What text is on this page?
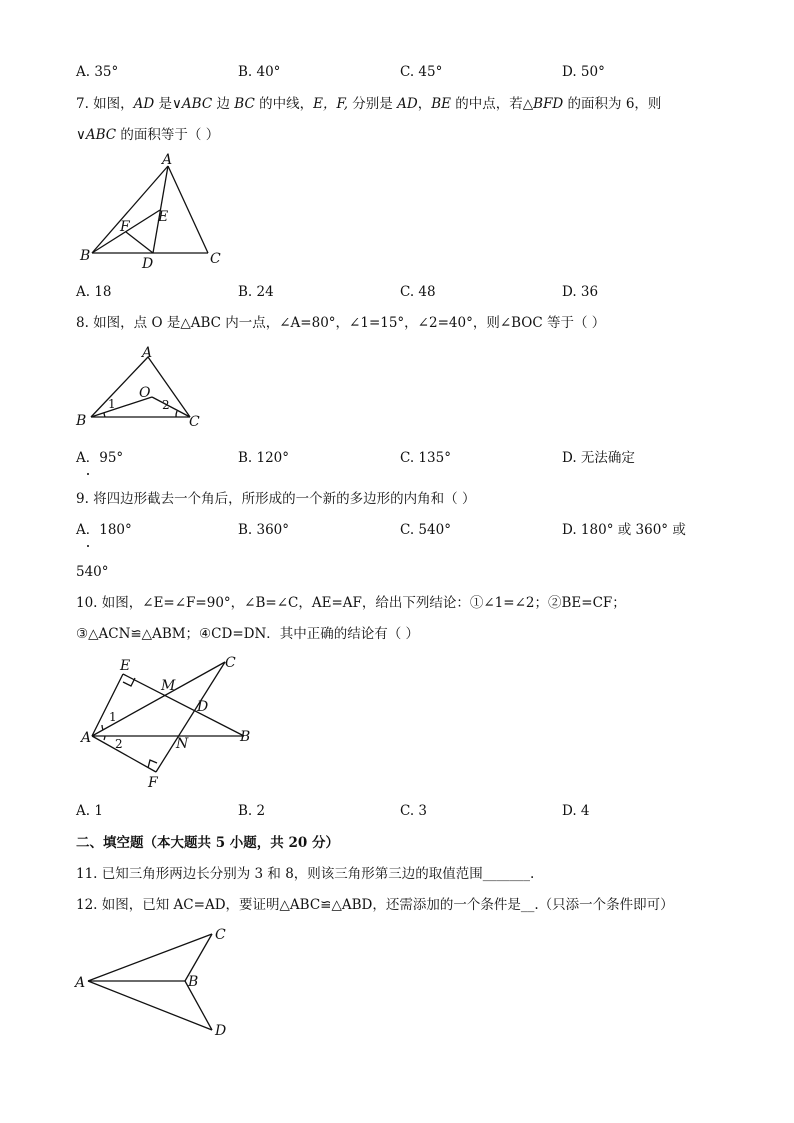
A. 35°	B. 40°	C. 45°	D. 50°
7. 如图，AD 是∨ABC 边 BC 的中线，E，F, 分别是 AD，BE 的中点，若△BFD 的面积为 6，则
∨ABC 的面积等于（ ）
A
B	C
D
E
F
A. 18	B. 24	C. 48	D. 36
8. 如图，点 O 是△ABC 内一点，∠A=80°，∠1=15°，∠2=40°，则∠BOC 等于（ ）
A
B	C
O
1	2
A．95°	B. 120°	C. 135°	D. 无法确定
9. 将四边形截去一个角后，所形成的一个新的多边形的内角和（ ）
A．180°	B. 360°	C. 540°	D. 180° 或 360° 或
540°
10. 如图，∠E=∠F=90°，∠B=∠C，AE=AF，给出下列结论：①∠1=∠2；②BE=CF；
③△ACN≌△ABM；④CD=DN．其中正确的结论有（ ）
E	C
M
D
A	N	B
F
1
2
A. 1	B. 2	C. 3	D. 4
二、填空题（本大题共 5 小题，共 20 分）
11. 已知三角形两边长分别为 3 和 8，则该三角形第三边的取值范围_______.
12. 如图，已知 AC=AD，要证明△ABC≌△ABD，还需添加的一个条件是__.（只添一个条件即可）
A	B
C
D
